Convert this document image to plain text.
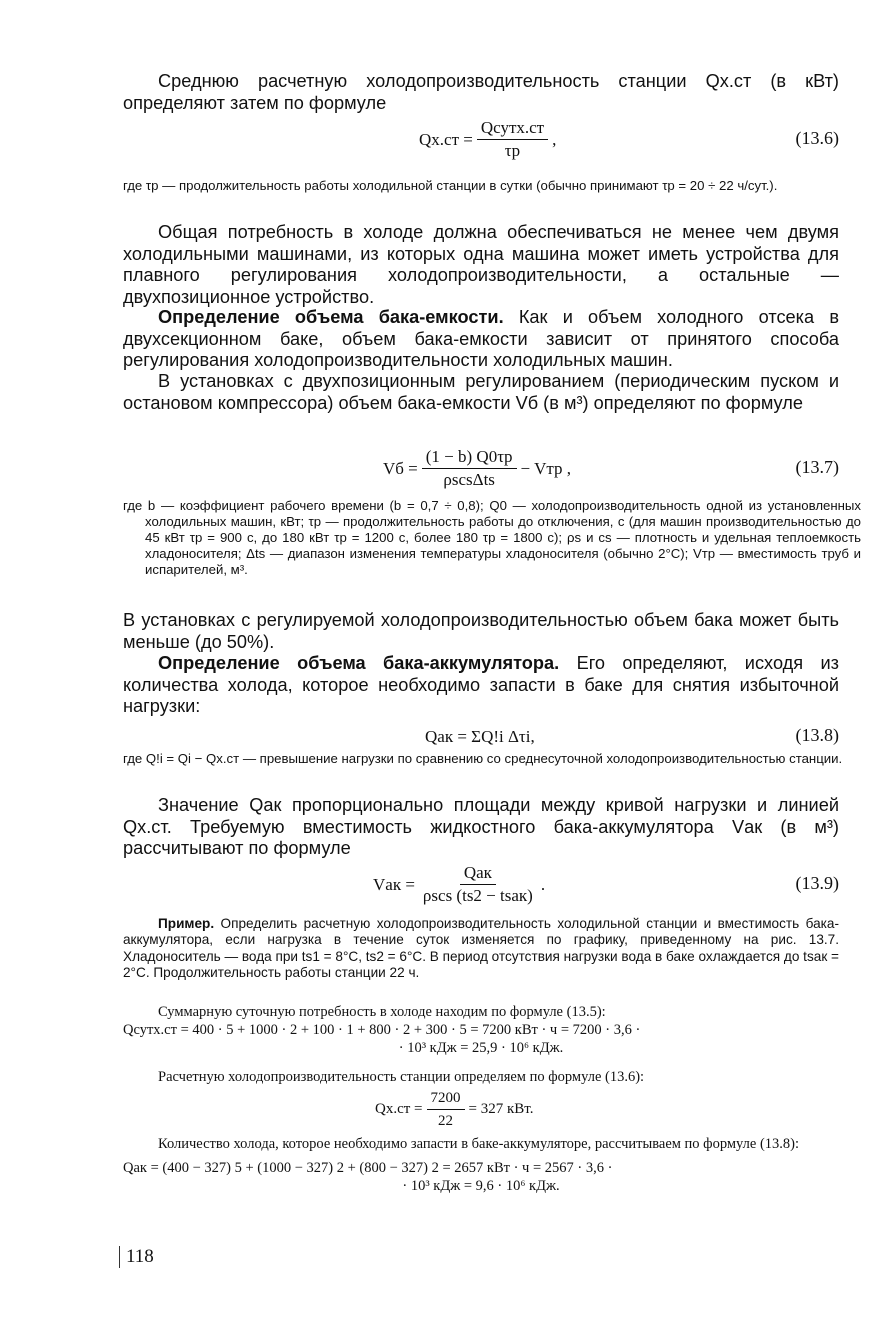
Среднюю расчетную холодопроизводительность станции Qх.ст (в кВт) определяют затем по формуле
$Qх.ст = \frac{\text{Qсутх.ст}}{\tau р}$ ,	(13.6)
где τр — продолжительность работы холодильной станции в сутки (обычно принимают τр = 20 ÷ 22 ч/сут.).
Общая потребность в холоде должна обеспечиваться не менее чем двумя холодильными машинами, из которых одна машина может иметь устройства для плавного регулирования холодопроизводительности, а остальные — двухпозиционное устройство.
Определение объема бака-емкости. Как и объем холодного отсека в двухсекционном баке, объем бака-емкости зависит от принятого способа регулирования холодопроизводительности холодильных машин.
В установках с двухпозиционным регулированием (периодическим пуском и остановом компрессора) объем бака-емкости Vб (в м³) определяют по формуле
Vб = $\frac{(1 - b) Q0\tau р}{\text{ρscsΔts}}$ − Vтр ,	(13.7)
где b — коэффициент рабочего времени (b = 0,7 ÷ 0,8); Q0 — холодопроизводительность одной из установленных холодильных машин, кВт; τр — продолжительность работы до отключения, с (для машин производительностью до 45 кВт τр = 900 с, до 180 кВт τр = 1200 с, более 180 τр = 1800 с); ρs и cs — плотность и удельная теплоемкость хладоносителя; Δts — диапазон изменения температуры хладоносителя (обычно 2°С); Vтр — вместимость труб и испарителей, м³.
В установках с регулируемой холодопроизводительностью объем бака может быть меньше (до 50%).
Определение объема бака-аккумулятора. Его определяют, исходя из количества холода, которое необходимо запасти в баке для снятия избыточной нагрузки:
Qак = ΣQ!i Δτi,	(13.8)
где Q!i = Qi − Qх.ст — превышение нагрузки по сравнению со среднесуточной холодопроизводительностью станции.
Значение Qак пропорционально площади между кривой нагрузки и линией Qх.ст. Требуемую вместимость жидкостного бака-аккумулятора Vак (в м³) рассчитывают по формуле
Vак = $\frac{\text{Qак}}{\text{ρscs (ts2 − tsак)}}$ .	(13.9)
Пример. Определить расчетную холодопроизводительность холодильной станции и вместимость бака-аккумулятора, если нагрузка в течение суток изменяется по графику, приведенному на рис. 13.7. Хладоноситель — вода при ts1 = 8°С, ts2 = 6°С. В период отсутствия нагрузки вода в баке охлаждается до tsак = 2°С. Продолжительность работы станции 22 ч.
Суммарную суточную потребность в холоде находим по формуле (13.5):
Qсутх.ст = 400 · 5 + 1000 · 2 + 100 · 1 + 800 · 2 + 300 · 5 = 7200 кВт · ч = 7200 · 3,6 ·
· 10³ кДж = 25,9 · 10⁶ кДж.
Расчетную холодопроизводительность станции определяем по формуле (13.6):
$Qх.ст = \frac{7200}{22} = 327$ кВт.
Количество холода, которое необходимо запасти в баке-аккумуляторе, рассчитываем по формуле (13.8):
Qак = (400 − 327) 5 + (1000 − 327) 2 + (800 − 327) 2 = 2657 кВт · ч = 2567 · 3,6 ·
· 10³ кДж = 9,6 · 10⁶ кДж.
118
